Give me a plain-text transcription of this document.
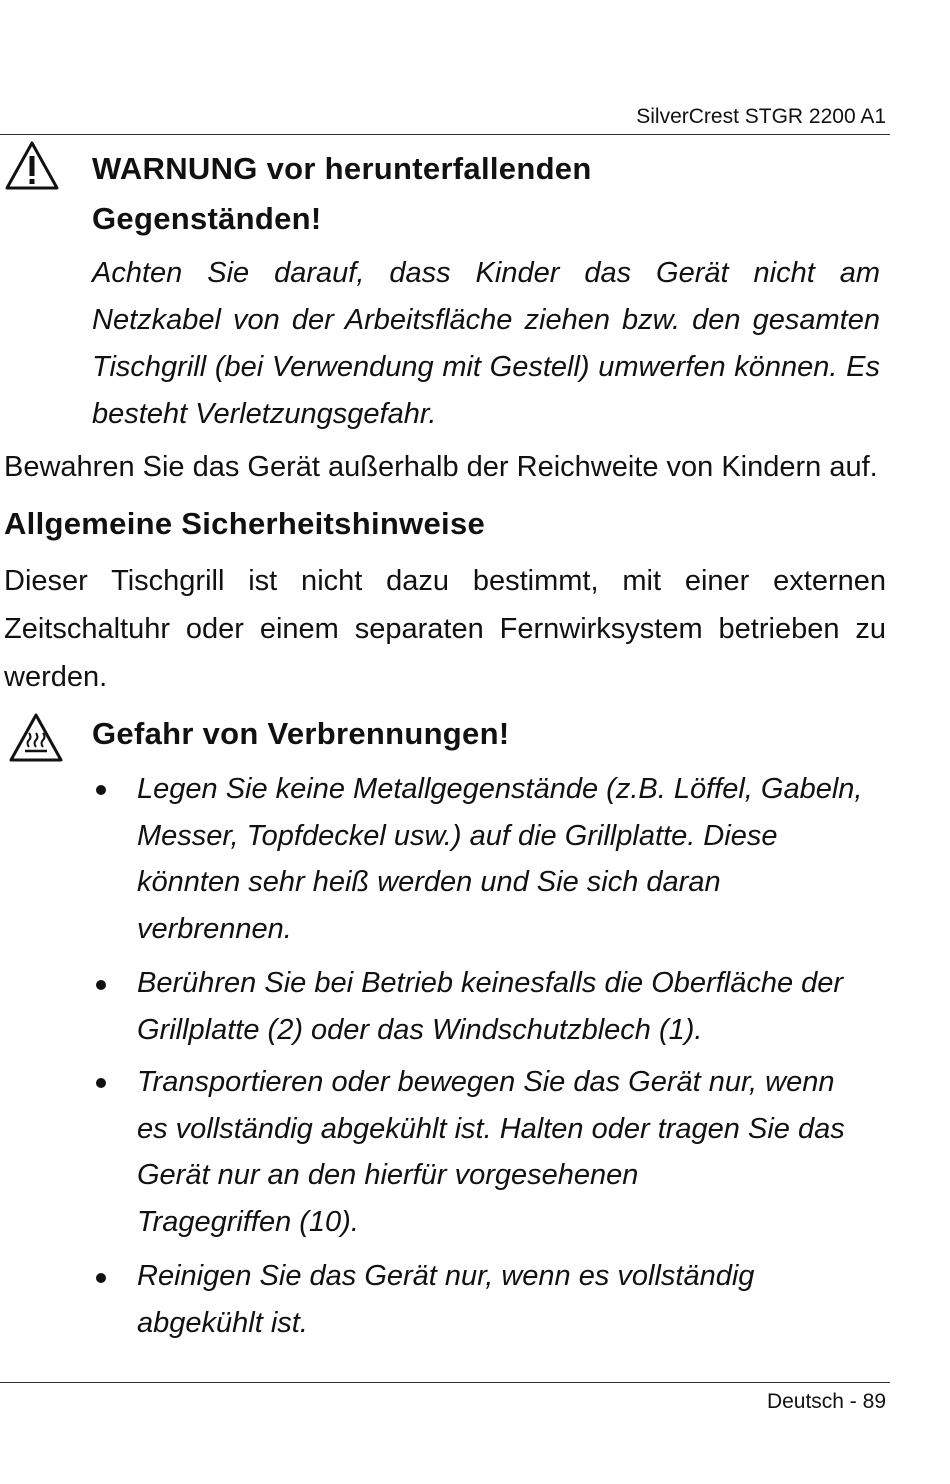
SilverCrest STGR 2200 A1
WARNUNG vor herunterfallenden
Gegenständen!
Achten Sie darauf, dass Kinder das Gerät nicht am
Netzkabel von der Arbeitsfläche ziehen bzw. den gesamten
Tischgrill (bei Verwendung mit Gestell) umwerfen können. Es
besteht Verletzungsgefahr.
Bewahren Sie das Gerät außerhalb der Reichweite von Kindern auf.
Allgemeine Sicherheitshinweise
Dieser Tischgrill ist nicht dazu bestimmt, mit einer externen
Zeitschaltuhr oder einem separaten Fernwirksystem betrieben zu
werden.
Gefahr von Verbrennungen!
Legen Sie keine Metallgegenstände (z.B. Löffel, Gabeln,
Messer, Topfdeckel usw.) auf die Grillplatte. Diese
könnten sehr heiß werden und Sie sich daran
verbrennen.
Berühren Sie bei Betrieb keinesfalls die Oberfläche der
Grillplatte (2) oder das Windschutzblech (1).
Transportieren oder bewegen Sie das Gerät nur, wenn
es vollständig abgekühlt ist. Halten oder tragen Sie das
Gerät nur an den hierfür vorgesehenen
Tragegriffen (10).
Reinigen Sie das Gerät nur, wenn es vollständig
abgekühlt ist.
Deutsch - 89
